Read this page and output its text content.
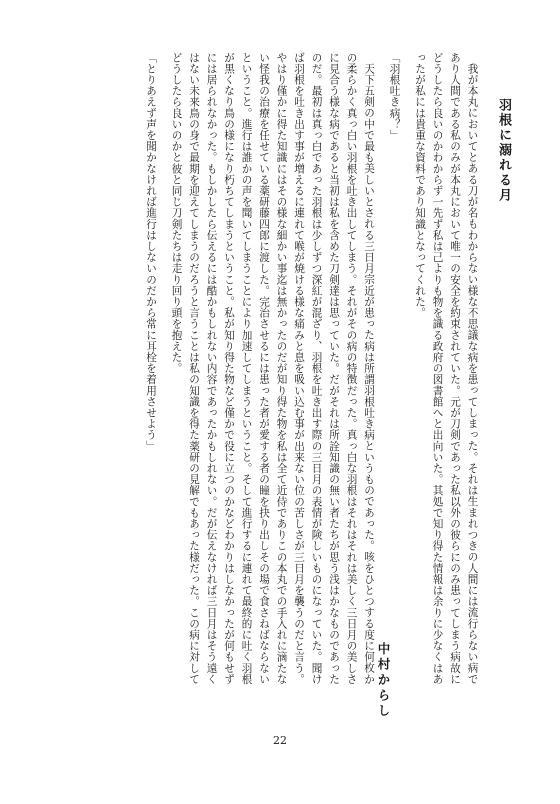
羽根に溺れる月

我が本丸においてとある刀が名もわからない様な不思議な病を患ってしまった。それは生まれつきの人間には流行らない病であり人間である私のみが本丸において唯一の安全を約束されていた。元が刀剣であった私以外の彼らにのみ患ってしまう病故にどうしたら良いのかわからず一先ず私は己よりも物を識る政府の図書館へと出向いた。其処で知り得た情報は余りに少なくはあったが私には貴重な資料であり知識となってくれた。

「羽根吐き病？」

天下五剣の中で最も美しいとされる三日月宗近が患った病は所謂羽根吐き病というものであった。咳をひとつする度に何枚かの柔らかく真っ白い羽根を吐き出してしまう。それがその病の特徴だった。真っ白な羽根はそれはそれは美しく三日月の美しさに見合う様な病であると当初は私を含めた刀剣達は思っていた。だがそれは所詮知識の無い者たちが思う浅はかなものであったのだ。最初は真っ白であった羽根は少しずつ深紅が混ざり、羽根を吐き出す際の三日月の表情が険しいものになっていた。聞けば羽根を吐き出す事が増えるに連れて喉が焼ける様な痛みと息を吸い込む事が出来ない位の苦しさが三日月を襲うのだと言う。やはり僅かに得た知識にはその様な細かい事迄は無かったのだが知り得た物を私は全て近侍でありこの本丸での手入れに滴たない怪我の治療を任せている薬研藤四郎に渡した。完治させるには患った者が愛する者の瞳を抉り出しその場で食さねばならないということ。進行は誰かの声を聞いてしまうことにより加速してしまうということ。そして進行するに連れて最終的に吐く羽根が黒くなり鳥の様になり朽ちてしまうということ。私が知り得た物など僅かで役に立つのかなどわかりはしなかったが何もせずには居られなかった。もしかしたら伝えるには酷かもしれない内容であったかもしれない。だが伝えなければ三日月はそう遠くはない未来鳥の身で最期を迎えてしまうのだろうと言うことは私の知識を得た薬研の見解でもあった様だった。この病に対してどうしたら良いのかと彼と同じ刀剣たちは走り回り頭を抱えた。

「とりあえず声を聞かなければ進行はしないのだから常に耳栓を着用させよう」

中村からし
22
